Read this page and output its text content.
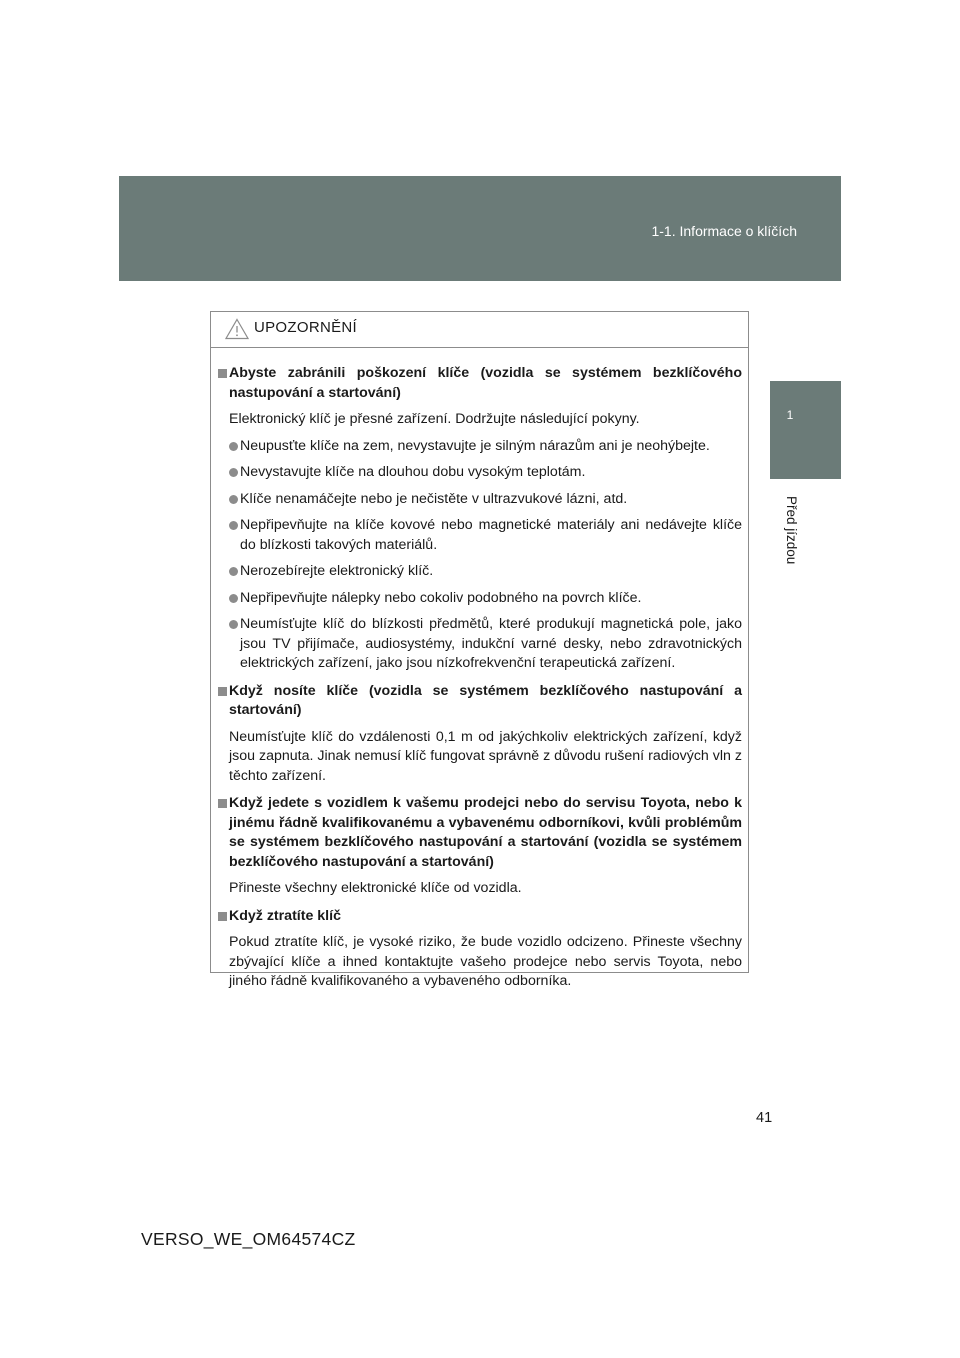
1-1. Informace o klíčích
1
Před jízdou
UPOZORNĚNÍ
Abyste zabránili poškození klíče (vozidla se systémem bezklíčového nastupování a startování)
Elektronický klíč je přesné zařízení. Dodržujte následující pokyny.
Neupusťte klíče na zem, nevystavujte je silným nárazům ani je neohýbejte.
Nevystavujte klíče na dlouhou dobu vysokým teplotám.
Klíče nenamáčejte nebo je nečistěte v ultrazvukové lázni, atd.
Nepřipevňujte na klíče kovové nebo magnetické materiály ani nedávejte klíče do blízkosti takových materiálů.
Nerozebírejte elektronický klíč.
Nepřipevňujte nálepky nebo cokoliv podobného na povrch klíče.
Neumísťujte klíč do blízkosti předmětů, které produkují magnetická pole, jako jsou TV přijímače, audiosystémy, indukční varné desky, nebo zdravotnických elektrických zařízení, jako jsou nízkofrekvenční terapeutická zařízení.
Když nosíte klíče (vozidla se systémem bezklíčového nastupování a startování)
Neumísťujte klíč do vzdálenosti 0,1 m od jakýchkoliv elektrických zařízení, když jsou zapnuta. Jinak nemusí klíč fungovat správně z důvodu rušení radiových vln z těchto zařízení.
Když jedete s vozidlem k vašemu prodejci nebo do servisu Toyota, nebo k jinému řádně kvalifikovanému a vybavenému odborníkovi, kvůli problémům se systémem bezklíčového nastupování a startování (vozidla se systémem bezklíčového nastupování a startování)
Přineste všechny elektronické klíče od vozidla.
Když ztratíte klíč
Pokud ztratíte klíč, je vysoké riziko, že bude vozidlo odcizeno. Přineste všechny zbývající klíče a ihned kontaktujte vašeho prodejce nebo servis Toyota, nebo jiného řádně kvalifikovaného a vybaveného odborníka.
41
VERSO_WE_OM64574CZ
